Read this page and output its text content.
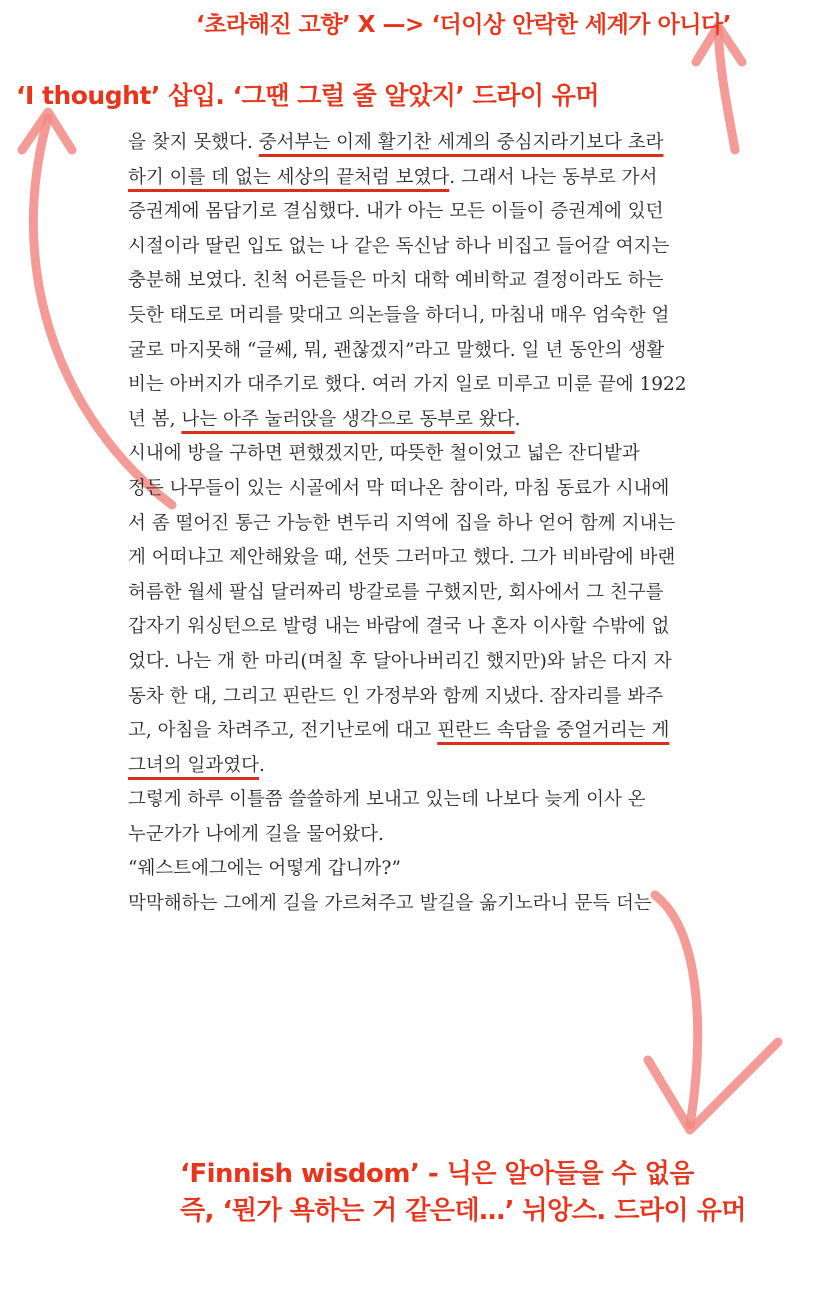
‘초라해진 고향’ X —> ‘더이상 안락한 세계가 아니다’
‘I thought’ 삽입. ‘그땐 그럴 줄 알았지’ 드라이 유머
을 찾지 못했다. 중서부는 이제 활기찬 세계의 중심지라기보다 초라
하기 이를 데 없는 세상의 끝처럼 보였다. 그래서 나는 동부로 가서
증권계에 몸담기로 결심했다. 내가 아는 모든 이들이 증권계에 있던
시절이라 딸린 입도 없는 나 같은 독신남 하나 비집고 들어갈 여지는
충분해 보였다. 친척 어른들은 마치 대학 예비학교 결정이라도 하는
듯한 태도로 머리를 맞대고 의논들을 하더니, 마침내 매우 엄숙한 얼
굴로 마지못해 “글쎄, 뭐, 괜찮겠지”라고 말했다. 일 년 동안의 생활
비는 아버지가 대주기로 했다. 여러 가지 일로 미루고 미룬 끝에 1922
년 봄, 나는 아주 눌러앉을 생각으로 동부로 왔다.
시내에 방을 구하면 편했겠지만, 따뜻한 철이었고 넓은 잔디밭과
정든 나무들이 있는 시골에서 막 떠나온 참이라, 마침 동료가 시내에
서 좀 떨어진 통근 가능한 변두리 지역에 집을 하나 얻어 함께 지내는
게 어떠냐고 제안해왔을 때, 선뜻 그러마고 했다. 그가 비바람에 바랜
허름한 월세 팔십 달러짜리 방갈로를 구했지만, 회사에서 그 친구를
갑자기 워싱턴으로 발령 내는 바람에 결국 나 혼자 이사할 수밖에 없
었다. 나는 개 한 마리(며칠 후 달아나버리긴 했지만)와 낡은 다지 자
동차 한 대, 그리고 핀란드 인 가정부와 함께 지냈다. 잠자리를 봐주
고, 아침을 차려주고, 전기난로에 대고 핀란드 속담을 중얼거리는 게
그녀의 일과였다.
그렇게 하루 이틀쯤 쓸쓸하게 보내고 있는데 나보다 늦게 이사 온
누군가가 나에게 길을 물어왔다.
“웨스트에그에는 어떻게 갑니까?”
막막해하는 그에게 길을 가르쳐주고 발길을 옮기노라니 문득 더는
‘Finnish wisdom’ - 닉은 알아들을 수 없음
즉, ‘뭔가 욕하는 거 같은데…’ 뉘앙스. 드라이 유머
